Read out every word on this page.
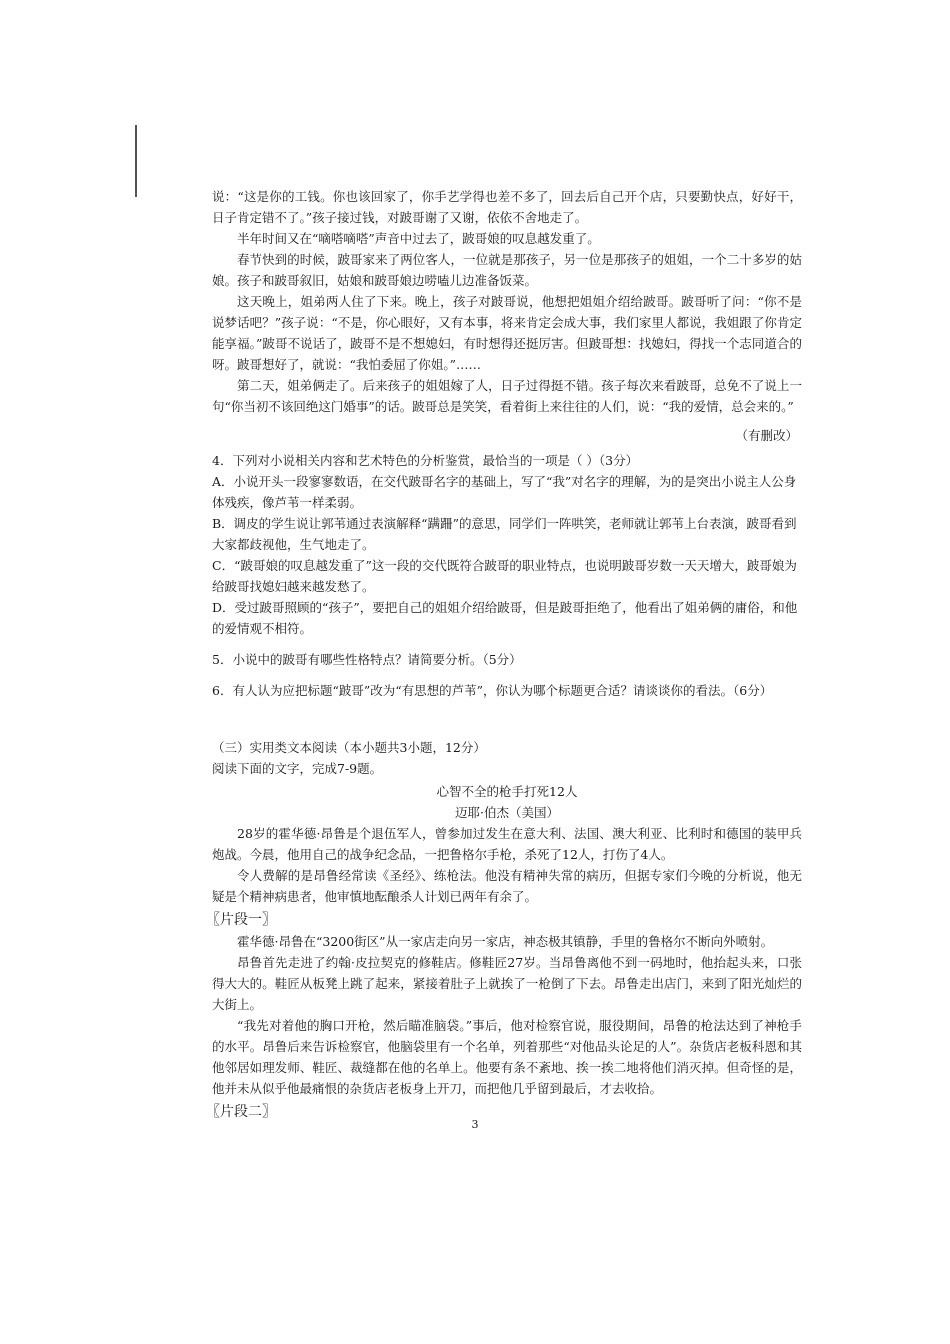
说：“这是你的工钱。你也该回家了，你手艺学得也差不多了，回去后自己开个店，只要勤快点，好好干，日子肯定错不了。”孩子接过钱，对跛哥谢了又谢，依依不舍地走了。

半年时间又在“嘀嗒嘀嗒”声音中过去了，跛哥娘的叹息越发重了。

春节快到的时候，跛哥家来了两位客人，一位就是那孩子，另一位是那孩子的姐姐，一个二十多岁的姑娘。孩子和跛哥叙旧，姑娘和跛哥娘边唠嗑儿边准备饭菜。

这天晚上，姐弟两人住了下来。晚上，孩子对跛哥说，他想把姐姐介绍给跛哥。跛哥听了问：“你不是说梦话吧？”孩子说：“不是，你心眼好，又有本事，将来肯定会成大事，我们家里人都说，我姐跟了你肯定能享福。”跛哥不说话了，跛哥不是不想媳妇，有时想得还挺厉害。但跛哥想：找媳妇，得找一个志同道合的呀。跛哥想好了，就说：“我怕委屈了你姐。”……

第二天，姐弟俩走了。后来孩子的姐姐嫁了人，日子过得挺不错。孩子每次来看跛哥，总免不了说上一句“你当初不该回绝这门婚事”的话。跛哥总是笑笑，看着街上来往往的人们，说：“我的爱情，总会来的。”

（有删改）

4．下列对小说相关内容和艺术特色的分析鉴赏，最恰当的一项是（ ）（3分）

A．小说开头一段寥寥数语，在交代跛哥名字的基础上，写了“我”对名字的理解，为的是突出小说主人公身体残疾，像芦苇一样柔弱。

B．调皮的学生说让郭苇通过表演解释“蹒跚”的意思，同学们一阵哄笑，老师就让郭苇上台表演，跛哥看到大家都歧视他，生气地走了。

C．“跛哥娘的叹息越发重了”这一段的交代既符合跛哥的职业特点，也说明跛哥岁数一天天增大，跛哥娘为给跛哥找媳妇越来越发愁了。

D．受过跛哥照顾的“孩子”，要把自己的姐姐介绍给跛哥，但是跛哥拒绝了，他看出了姐弟俩的庸俗，和他的爱情观不相符。

5．小说中的跛哥有哪些性格特点？请简要分析。（5分）

6．有人认为应把标题“跛哥”改为“有思想的芦苇”，你认为哪个标题更合适？请谈谈你的看法。（6分）

（三）实用类文本阅读（本小题共3小题，12分）
阅读下面的文字，完成7-9题。
心智不全的枪手打死12人
迈耶·伯杰（美国）

28岁的霍华德·昂鲁是个退伍军人，曾参加过发生在意大利、法国、澳大利亚、比利时和德国的装甲兵炮战。今晨，他用自己的战争纪念品，一把鲁格尔手枪，杀死了12人，打伤了4人。

令人费解的是昂鲁经常读《圣经》、练枪法。他没有精神失常的病历，但据专家们今晚的分析说，他无疑是个精神病患者，他审慎地酝酿杀人计划已两年有余了。

〖片段一〗

霍华德·昂鲁在“3200街区”从一家店走向另一家店，神态极其镇静，手里的鲁格尔不断向外喷射。

昂鲁首先走进了约翰·皮拉契克的修鞋店。修鞋匠27岁。当昂鲁离他不到一码地时，他抬起头来，口张得大大的。鞋匠从板凳上跳了起来，紧接着肚子上就挨了一枪倒了下去。昂鲁走出店门，来到了阳光灿烂的大街上。

“我先对着他的胸口开枪，然后瞄准脑袋。”事后，他对检察官说，服役期间，昂鲁的枪法达到了神枪手的水平。昂鲁后来告诉检察官，他脑袋里有一个名单，列着那些“对他品头论足的人”。杂货店老板科恩和其他邻居如理发师、鞋匠、裁缝都在他的名单上。他要有条不紊地、挨一挨二地将他们消灭掉。但奇怪的是，他并未从似乎他最痛恨的杂货店老板身上开刀，而把他几乎留到最后，才去收拾。

〖片段二〗
3
